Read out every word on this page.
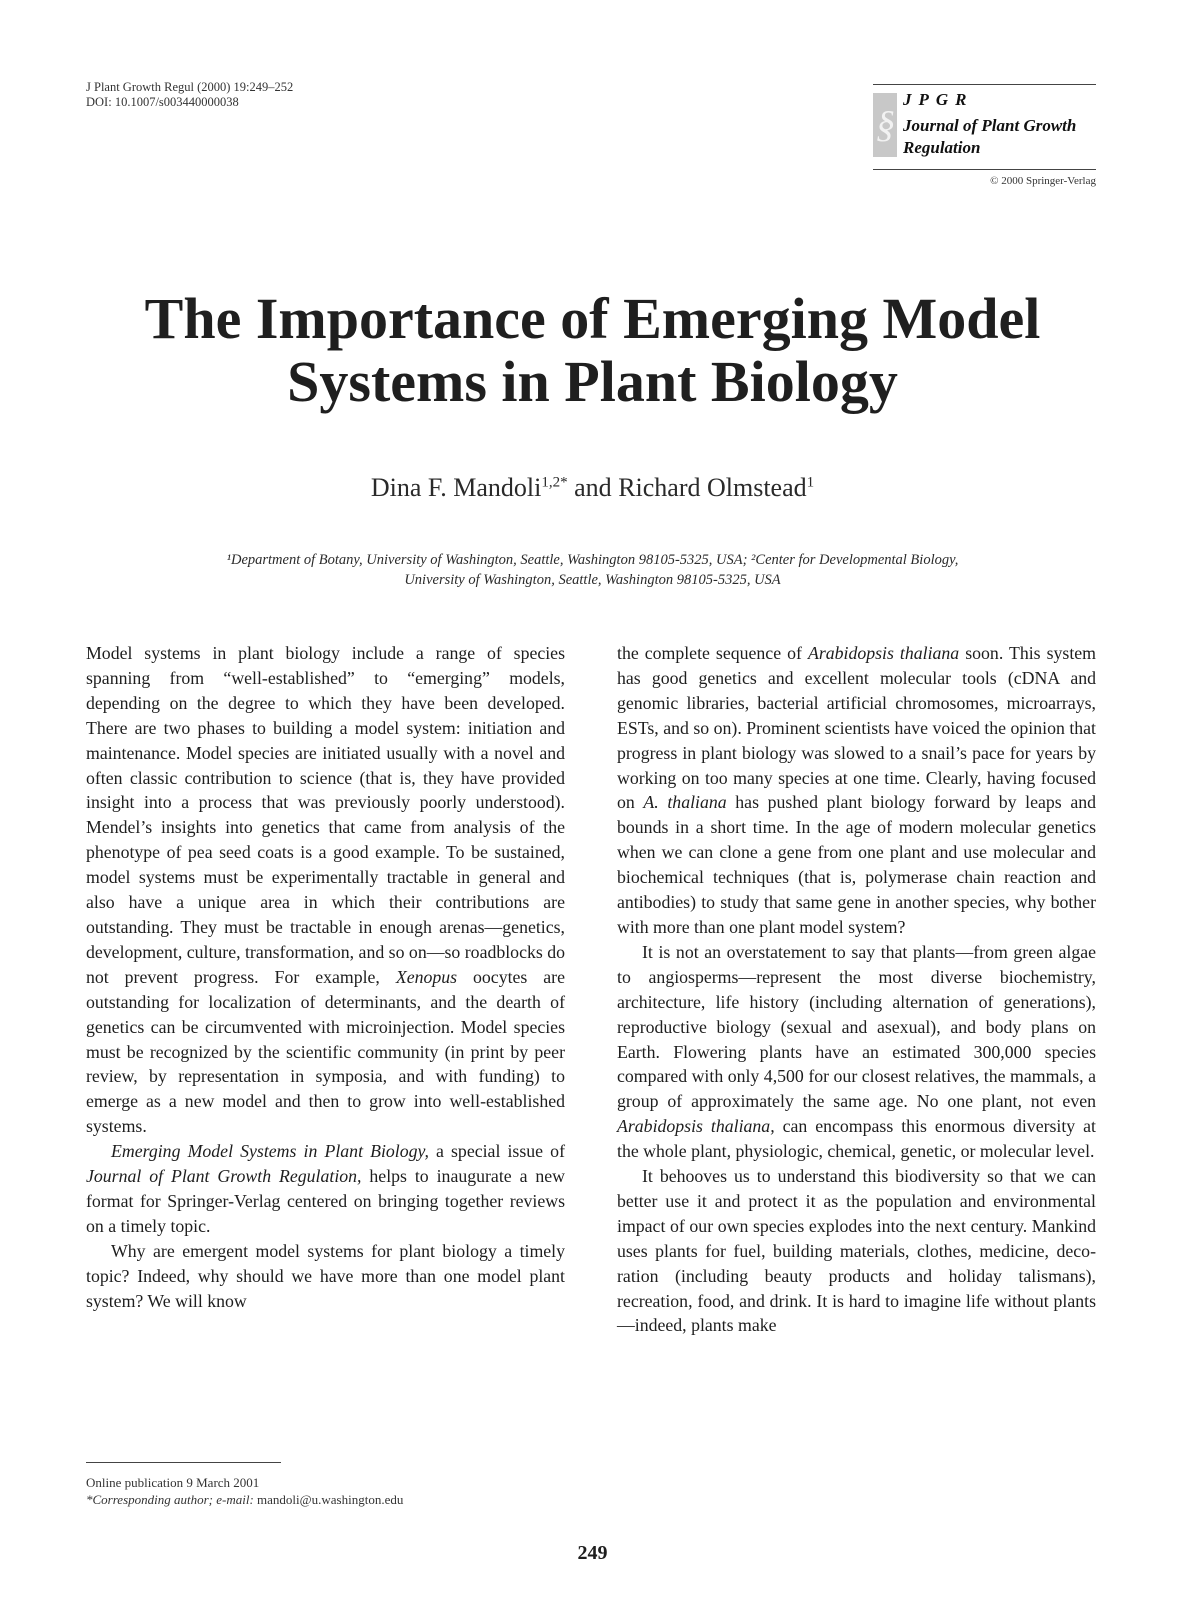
J Plant Growth Regul (2000) 19:249–252
DOI: 10.1007/s003440000038
§
JPGR
Journal of Plant Growth Regulation
© 2000 Springer-Verlag
The Importance of Emerging Model
Systems in Plant Biology
Dina F. Mandoli$^{1,2*}$ and Richard Olmstead$^1$
¹Department of Botany, University of Washington, Seattle, Washington 98105-5325, USA; ²Center for Developmental Biology,
University of Washington, Seattle, Washington 98105-5325, USA

Model systems in plant biology include a range of species spanning from “well-established” to “emerging” models, depending on the degree to which they have been developed. There are two phases to building a model system: initiation and maintenance. Model species are initiated usually with a novel and often classic contribution to science (that is, they have provided insight into a process that was previously poorly understood). Mendel’s insights into genetics that came from analysis of the phenotype of pea seed coats is a good example. To be sustained, model systems must be experimentally tractable in general and also have a unique area in which their contributions are outstanding. They must be tractable in enough arenas—genetics, development, culture, transformation, and so on—so roadblocks do not prevent progress. For example, Xenopus oocytes are outstanding for localization of determinants, and the dearth of genetics can be circumvented with microinjection. Model species must be recognized by the scientific community (in print by peer review, by representation in symposia, and with funding) to emerge as a new model and then to grow into well-established systems.

Emerging Model Systems in Plant Biology, a special issue of Journal of Plant Growth Regulation, helps to inaugurate a new format for Springer-Verlag centered on bringing together reviews on a timely topic.

Why are emergent model systems for plant biology a timely topic? Indeed, why should we have more than one model plant system? We will know

the complete sequence of Arabidopsis thaliana soon. This system has good genetics and excellent molecular tools (cDNA and genomic libraries, bacterial artificial chromosomes, microarrays, ESTs, and so on). Prominent scientists have voiced the opinion that progress in plant biology was slowed to a snail’s pace for years by working on too many species at one time. Clearly, having focused on A. thaliana has pushed plant biology forward by leaps and bounds in a short time. In the age of modern molecular genetics when we can clone a gene from one plant and use molecular and biochemical techniques (that is, polymerase chain reaction and antibodies) to study that same gene in another species, why bother with more than one plant model system?

It is not an overstatement to say that plants—from green algae to angiosperms—represent the most diverse biochemistry, architecture, life history (including alternation of generations), reproductive biology (sexual and asexual), and body plans on Earth. Flowering plants have an estimated 300,000 species compared with only 4,500 for our closest relatives, the mammals, a group of approximately the same age. No one plant, not even Arabidopsis thaliana, can encompass this enormous diversity at the whole plant, physiologic, chemical, genetic, or molecular level.

It behooves us to understand this biodiversity so that we can better use it and protect it as the population and environmental impact of our own species explodes into the next century. Mankind uses plants for fuel, building materials, clothes, medicine, decoration (including beauty products and holiday talismans), recreation, food, and drink. It is hard to imagine life without plants—indeed, plants make

Online publication 9 March 2001
*Corresponding author; e-mail: mandoli@u.washington.edu
249
